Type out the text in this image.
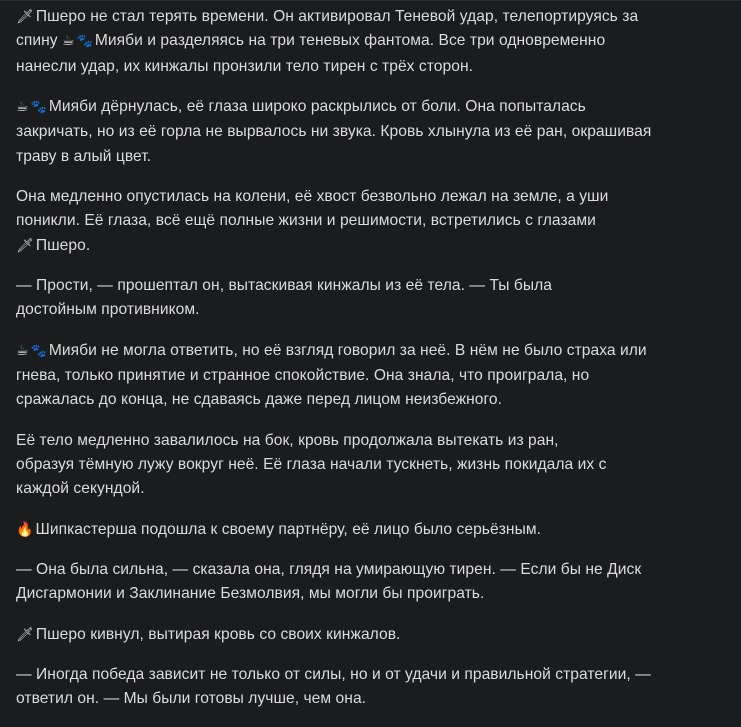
🗡 Пшеро не стал терять времени. Он активировал Теневой удар, телепортируясь за
спину ☕ 🐾 Мияби и разделяясь на три теневых фантома. Все три одновременно
нанесли удар, их кинжалы пронзили тело тирен с трёх сторон.
☕ 🐾 Мияби дёрнулась, её глаза широко раскрылись от боли. Она попыталась
закричать, но из её горла не вырвалось ни звука. Кровь хлынула из её ран, окрашивая
траву в алый цвет.
Она медленно опустилась на колени, её хвост безвольно лежал на земле, а уши
поникли. Её глаза, всё ещё полные жизни и решимости, встретились с глазами
🗡 Пшеро.
— Прости, — прошептал он, вытаскивая кинжалы из её тела. — Ты была
достойным противником.
☕ 🐾 Мияби не могла ответить, но её взгляд говорил за неё. В нём не было страха или
гнева, только принятие и странное спокойствие. Она знала, что проиграла, но
сражалась до конца, не сдаваясь даже перед лицом неизбежного.
Её тело медленно завалилось на бок, кровь продолжала вытекать из ран,
образуя тёмную лужу вокруг неё. Её глаза начали тускнеть, жизнь покидала их с
каждой секундой.
🔥 Шипкастерша подошла к своему партнёру, её лицо было серьёзным.
— Она была сильна, — сказала она, глядя на умирающую тирен. — Если бы не Диск
Дисгармонии и Заклинание Безмолвия, мы могли бы проиграть.
🗡 Пшеро кивнул, вытирая кровь со своих кинжалов.
— Иногда победа зависит не только от силы, но и от удачи и правильной стратегии, —
ответил он. — Мы были готовы лучше, чем она.
